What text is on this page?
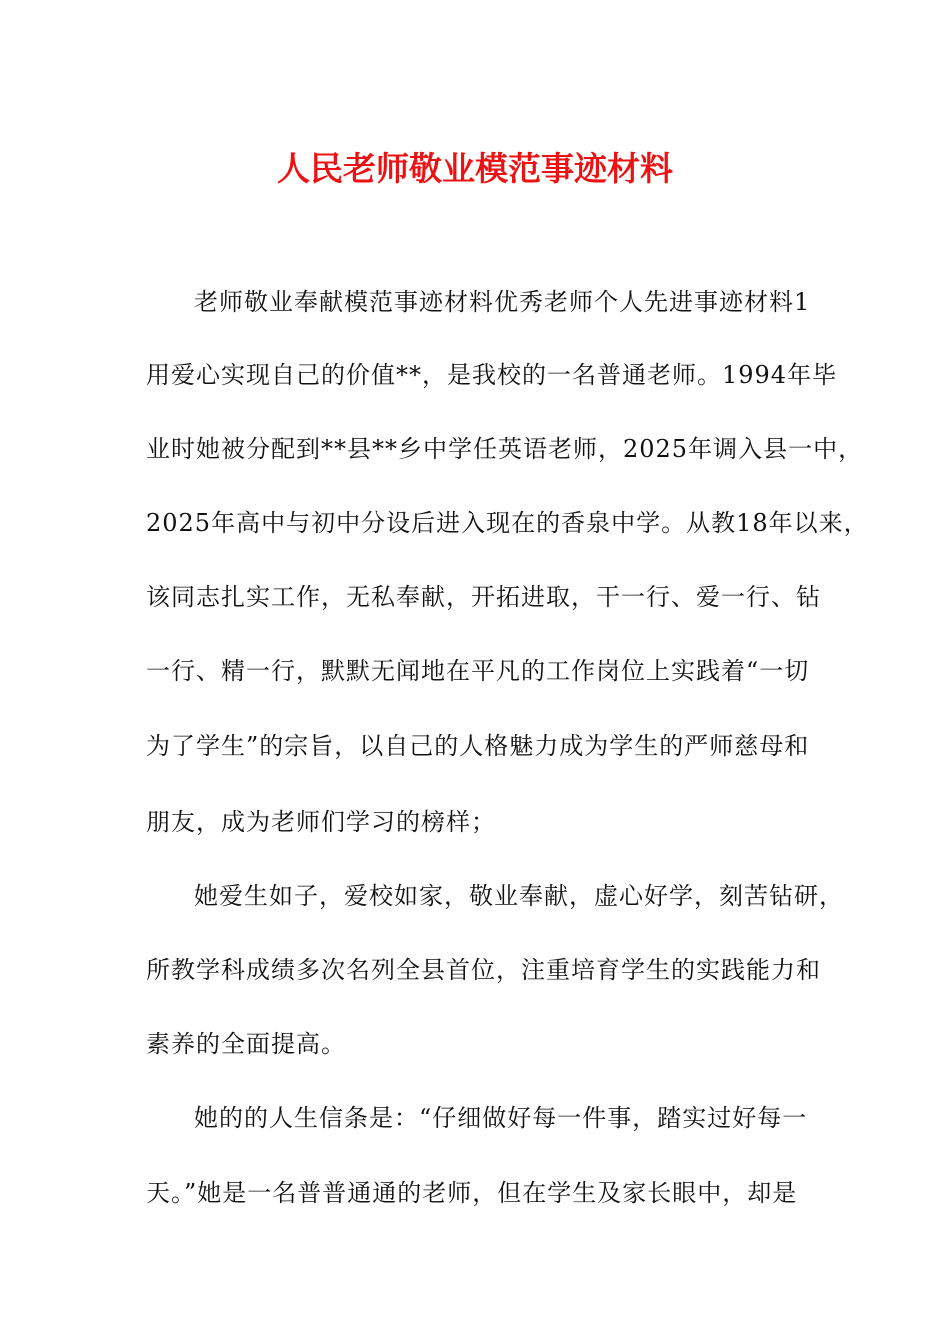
人民老师敬业模范事迹材料
老师敬业奉献模范事迹材料优秀老师个人先进事迹材料1
用爱心实现自己的价值**，是我校的一名普通老师。1994年毕
业时她被分配到**县**乡中学任英语老师，2025年调入县一中，
2025年高中与初中分设后进入现在的香泉中学。从教18年以来，
该同志扎实工作，无私奉献，开拓进取，干一行、爱一行、钻
一行、精一行，默默无闻地在平凡的工作岗位上实践着“一切
为了学生”的宗旨，以自己的人格魅力成为学生的严师慈母和
朋友，成为老师们学习的榜样；
她爱生如子，爱校如家，敬业奉献，虚心好学，刻苦钻研，
所教学科成绩多次名列全县首位，注重培育学生的实践能力和
素养的全面提高。
她的的人生信条是：“仔细做好每一件事，踏实过好每一
天。”她是一名普普通通的老师，但在学生及家长眼中，却是
